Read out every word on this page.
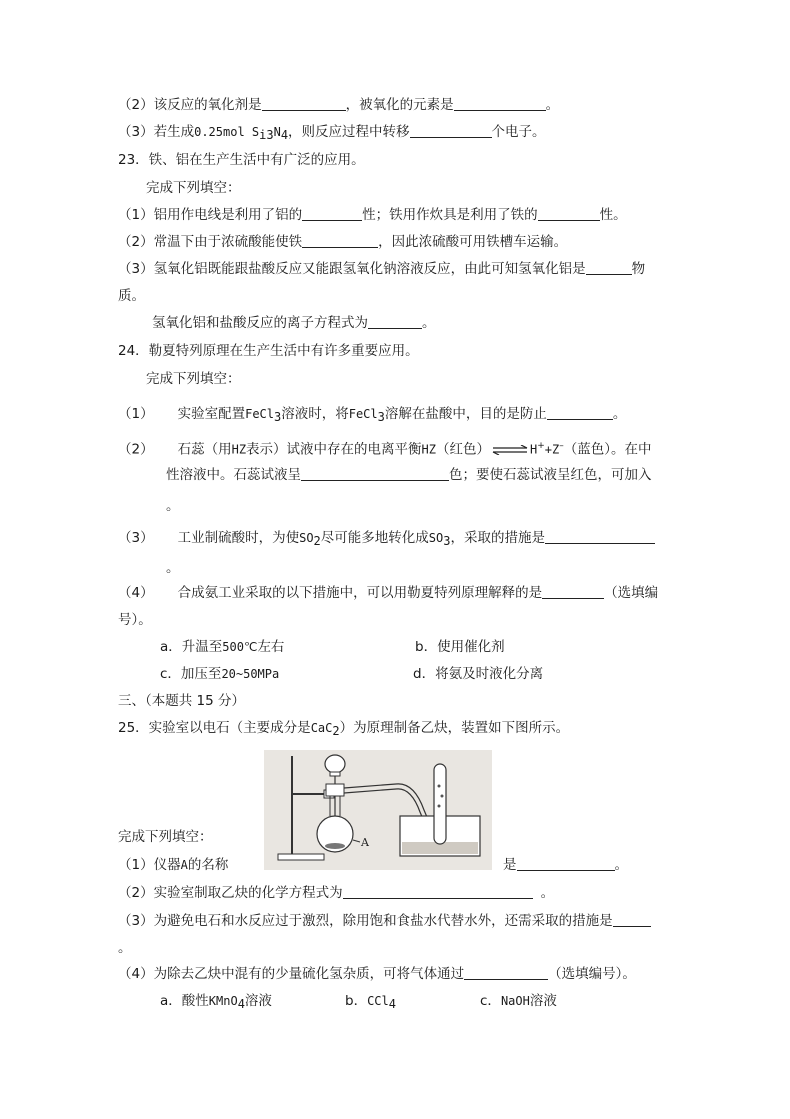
（2）该反应的氧化剂是	，被氧化的元素是	。
（3）若生成0.25mol $S_{i3}N_4$，则反应过程中转移	个电子。
23．铁、铝在生产生活中有广泛的应用。
完成下列填空：
（1）铝用作电线是利用了铝的	性；铁用作炊具是利用了铁的	性。
（2）常温下由于浓硫酸能使铁	，因此浓硫酸可用铁槽车运输。
（3）氢氧化铝既能跟盐酸反应又能跟氢氧化钠溶液反应，由此可知氢氧化铝是	物
质。
氢氧化铝和盐酸反应的离子方程式为	。
24．勒夏特列原理在生产生活中有许多重要应用。
完成下列填空：
（1） 实验室配置FeCl$_3$溶液时，将FeCl$_3$溶解在盐酸中，目的是防止	。
（2） 石蕊（用HZ表示）试液中存在的电离平衡HZ（红色）⇌H++Z–（蓝色）。在中
性溶液中。石蕊试液呈	色；要使石蕊试液呈红色，可加入
。
（3） 工业制硫酸时，为使$SO_2$尽可能多地转化成$SO_3$，采取的措施是
。
（4） 合成氨工业采取的以下措施中，可以用勒夏特列原理解释的是	（选填编
号）。
a．升温至500℃左右	b．使用催化剂
c．加压至20~50MPa	d．将氨及时液化分离
三、（本题共 15 分）
25．实验室以电石（主要成分是CaC$_2$）为原理制备乙炔，装置如下图所示。
A
完成下列填空：
（1）仪器A的名称	是	。
（2）实验室制取乙炔的化学方程式为	。
（3）为避免电石和水反应过于激烈，除用饱和食盐水代替水外，还需采取的措施是
。
（4）为除去乙炔中混有的少量硫化氢杂质，可将气体通过	（选填编号）。
a．酸性KMnO$_4$溶液	b．CCl$_4$	c．NaOH溶液
